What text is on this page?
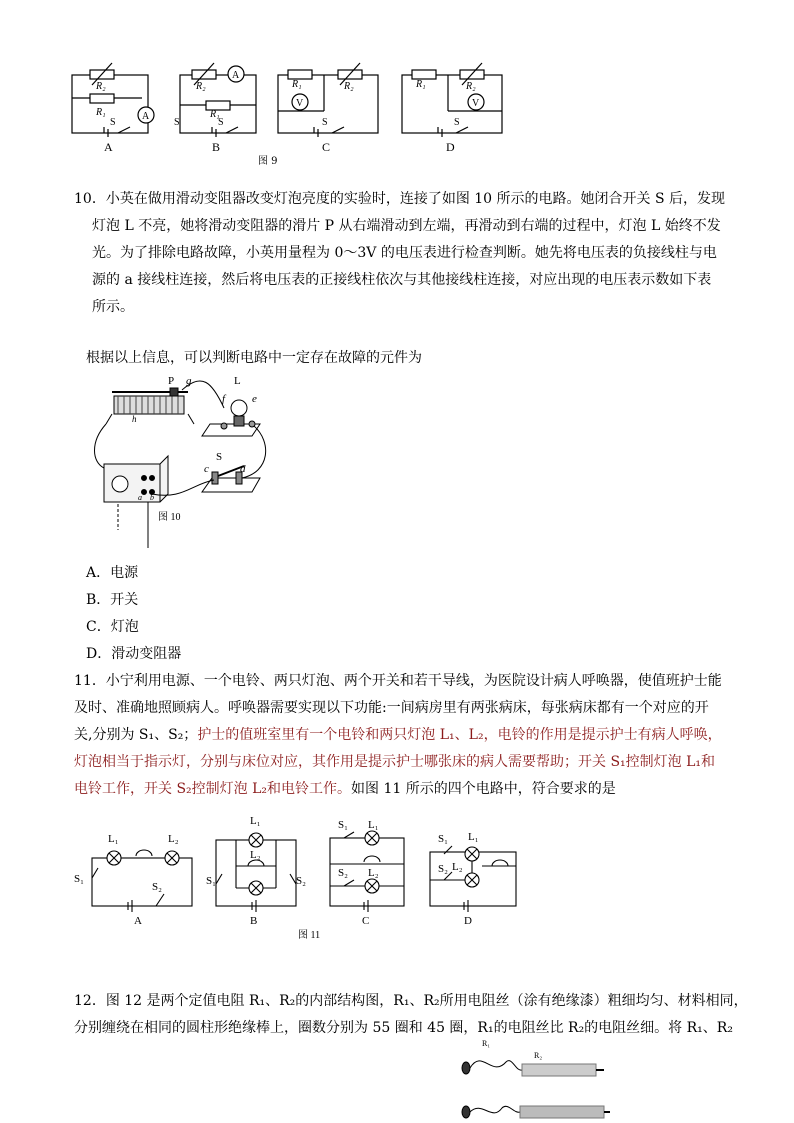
R₂
R₁	A
S
A
R₂
R₁
A
S
S
B
R₁	R₂
V
S
C
R₁	R₂
V
S
D
图 9
10．小英在做用滑动变阻器改变灯泡亮度的实验时，连接了如图 10 所示的电路。她闭合开关 S 后，发现
灯泡 L 不亮，她将滑动变阻器的滑片 P 从右端滑动到左端，再滑动到右端的过程中，灯泡 L 始终不发
光。为了排除电路故障，小英用量程为 0～3V 的电压表进行检查判断。她先将电压表的负接线柱与电
源的 a 接线柱连接，然后将电压表的正接线柱依次与其他接线柱连接，对应出现的电压表示数如下表
所示。
根据以上信息，可以判断电路中一定存在故障的元件为
P g	L
f e
h
S
c	d
a b
图 10
A．电源
B．开关
C．灯泡
D．滑动变阻器
11．小宁利用电源、一个电铃、两只灯泡、两个开关和若干导线，为医院设计病人呼唤器，使值班护士能
及时、准确地照顾病人。呼唤器需要实现以下功能:一间病房里有两张病床，每张病床都有一个对应的开
关,分别为 S₁、S₂；护士的值班室里有一个电铃和两只灯泡 L₁、L₂，电铃的作用是提示护士有病人呼唤，
灯泡相当于指示灯，分别与床位对应，其作用是提示护士哪张床的病人需要帮助；开关 S₁控制灯泡 L₁和
电铃工作，开关 S₂控制灯泡 L₂和电铃工作。如图 11 所示的四个电路中，符合要求的是
L₁	L₂
S₁
S₂
A
L₁
L₂
S₁	S₂
B
S₁ L₁
S₂ L₂
C
S₁ L₁
S₂ L₂
D
图 11
12．图 12 是两个定值电阻 R₁、R₂的内部结构图，R₁、R₂所用电阻丝（涂有绝缘漆）粗细均匀、材料相同，
分别缠绕在相同的圆柱形绝缘棒上，圈数分别为 55 圈和 45 圈，R₁的电阻丝比 R₂的电阻丝细。将 R₁、R₂
R₁
R₂
